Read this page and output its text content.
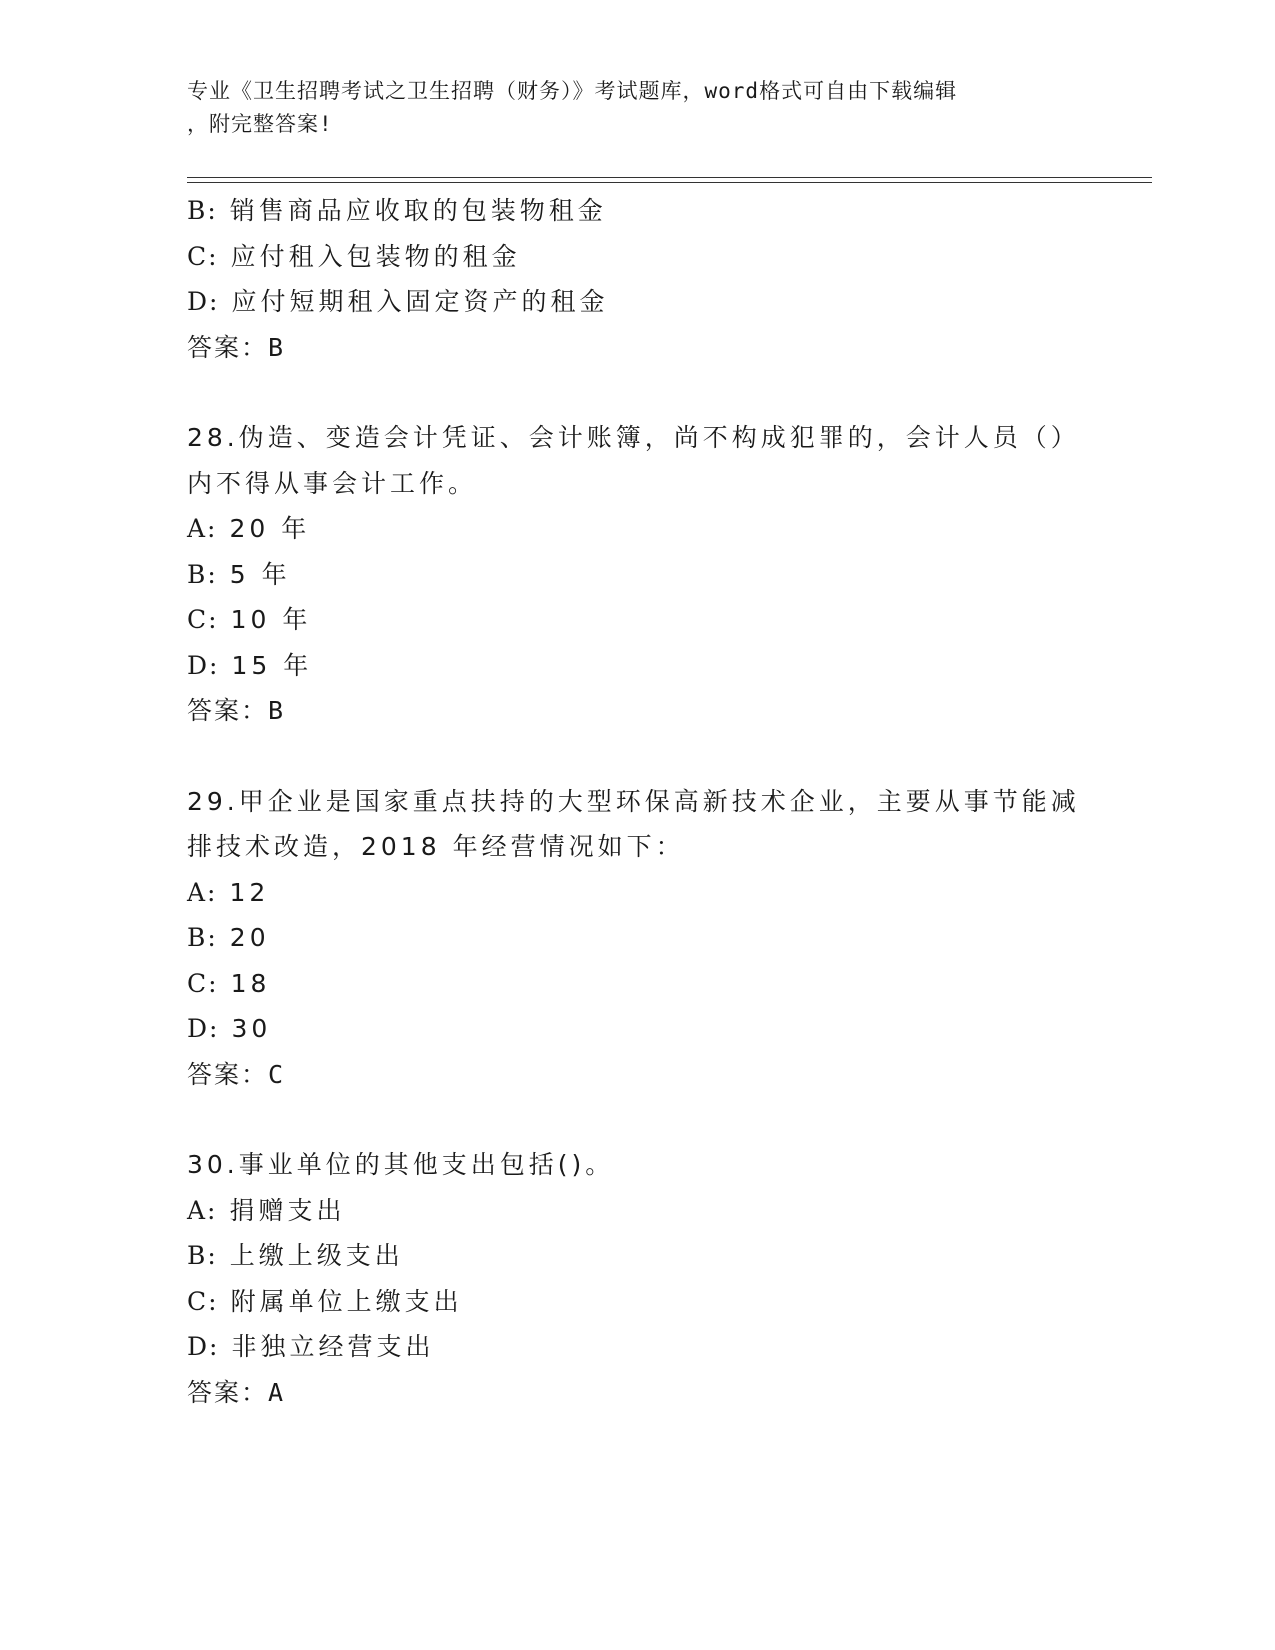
专业《卫生招聘考试之卫生招聘（财务）》考试题库，word格式可自由下载编辑
，附完整答案!
B: 销售商品应收取的包装物租金
C: 应付租入包装物的租金
D: 应付短期租入固定资产的租金
答案：B
28.伪造、变造会计凭证、会计账簿，尚不构成犯罪的，会计人员（）
内不得从事会计工作。
A: 20 年
B: 5 年
C: 10 年
D: 15 年
答案：B
29.甲企业是国家重点扶持的大型环保高新技术企业，主要从事节能减
排技术改造，2018 年经营情况如下：
A: 12
B: 20
C: 18
D: 30
答案：C
30.事业单位的其他支出包括()。
A: 捐赠支出
B: 上缴上级支出
C: 附属单位上缴支出
D: 非独立经营支出
答案：A
